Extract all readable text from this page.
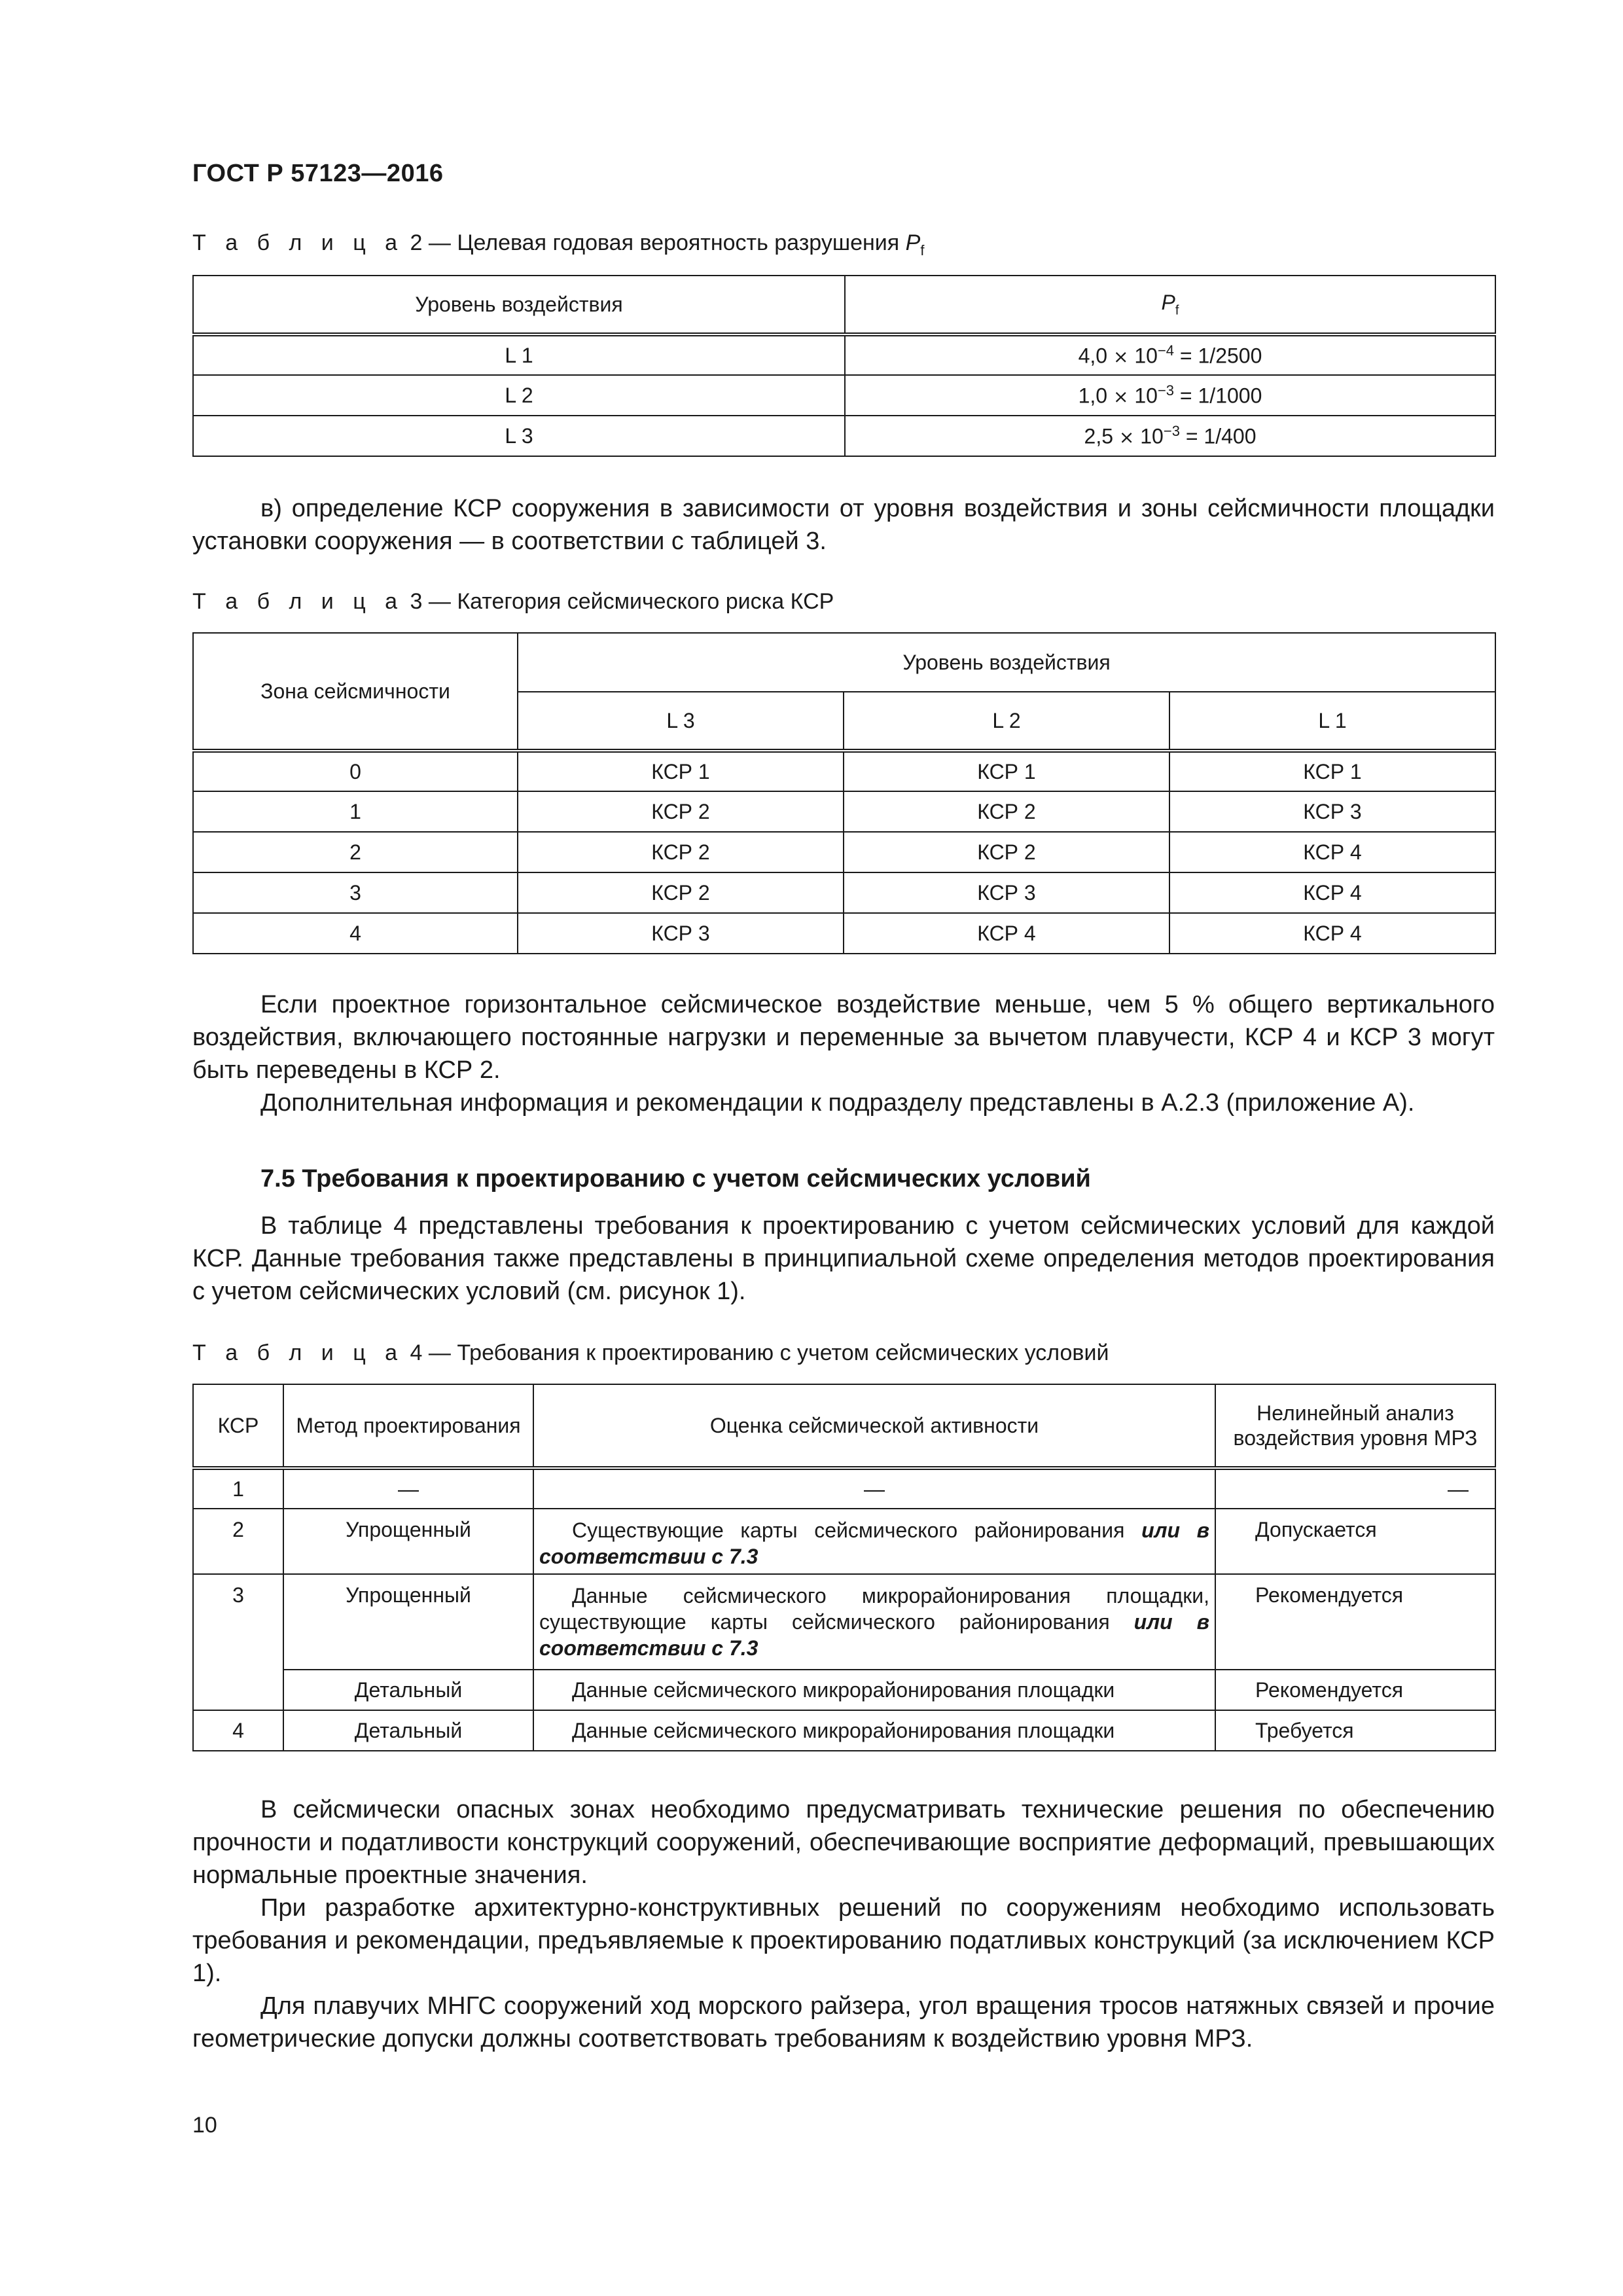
ГОСТ Р 57123—2016
Т а б л и ц а 2 — Целевая годовая вероятность разрушения $P_f$
Уровень воздействия	$P_f$
L 1	$4,0 \times 10^{-4} = 1/2500$
L 2	$1,0 \times 10^{-3} = 1/1000$
L 3	$2,5 \times 10^{-3} = 1/400$

в) определение КСР сооружения в зависимости от уровня воздействия и зоны сейсмичности площадки установки сооружения — в соответствии с таблицей 3.

Т а б л и ц а 3 — Категория сейсмического риска КСР
Зона сейсмичности	Уровень воздействия		
	L 3	L 2	L 1
0	КСР 1	КСР 1	КСР 1
1	КСР 2	КСР 2	КСР 3
2	КСР 2	КСР 2	КСР 4
3	КСР 2	КСР 3	КСР 4
4	КСР 3	КСР 4	КСР 4

Если проектное горизонтальное сейсмическое воздействие меньше, чем 5 % общего вертикального воздействия, включающего постоянные нагрузки и переменные за вычетом плавучести, КСР 4 и КСР 3 могут быть переведены в КСР 2.

Дополнительная информация и рекомендации к подразделу представлены в А.2.3 (приложение А).

7.5 Требования к проектированию с учетом сейсмических условий

В таблице 4 представлены требования к проектированию с учетом сейсмических условий для каждой КСР. Данные требования также представлены в принципиальной схеме определения методов проектирования с учетом сейсмических условий (см. рисунок 1).

Т а б л и ц а 4 — Требования к проектированию с учетом сейсмических условий
КСР	Метод проектирования	Оценка сейсмической активности	Нелинейный анализ воздействия уровня МРЗ
1	—	—	—
2	Упрощенный	Существующие карты сейсмического районирования или в соответствии с 7.3	Допускается
3	Упрощенный	Данные сейсмического микрорайонирования площадки, существующие карты сейсмического районирования или в соответствии с 7.3	Рекомендуется
	Детальный	Данные сейсмического микрорайонирования площадки	Рекомендуется
4	Детальный	Данные сейсмического микрорайонирования площадки	Требуется

В сейсмически опасных зонах необходимо предусматривать технические решения по обеспечению прочности и податливости конструкций сооружений, обеспечивающие восприятие деформаций, превышающих нормальные проектные значения.

При разработке архитектурно-конструктивных решений по сооружениям необходимо использовать требования и рекомендации, предъявляемые к проектированию податливых конструкций (за исключением КСР 1).

Для плавучих МНГС сооружений ход морского райзера, угол вращения тросов натяжных связей и прочие геометрические допуски должны соответствовать требованиям к воздействию уровня МРЗ.

10
